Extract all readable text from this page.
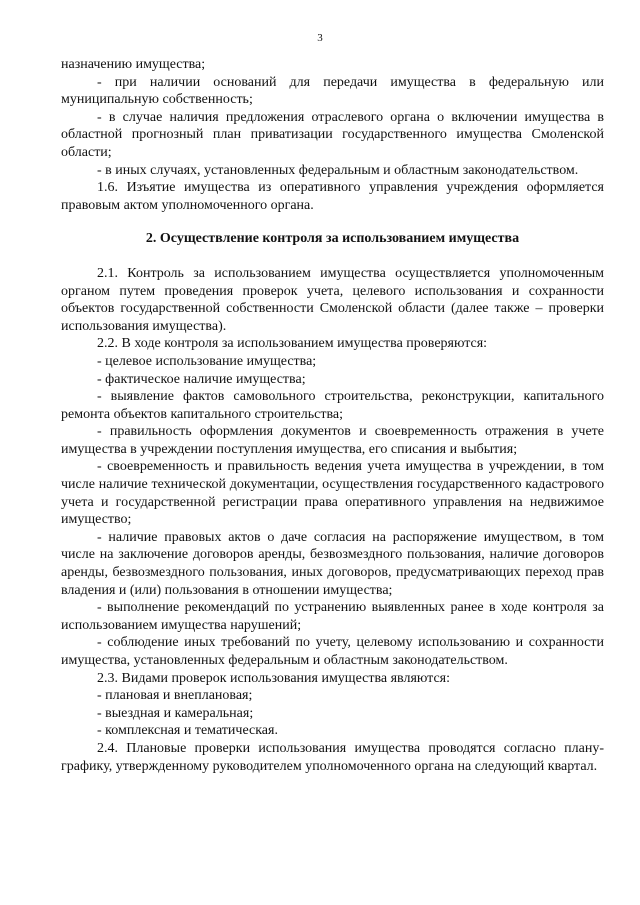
3

назначению имущества;

- при наличии оснований для передачи имущества в федеральную или муниципальную собственность;

- в случае наличия предложения отраслевого органа о включении имущества в областной прогнозный план приватизации государственного имущества Смоленской области;

- в иных случаях, установленных федеральным и областным законодательством.

1.6. Изъятие имущества из оперативного управления учреждения оформляется правовым актом уполномоченного органа.

2. Осуществление контроля за использованием имущества

2.1. Контроль за использованием имущества осуществляется уполномоченным органом путем проведения проверок учета, целевого использования и сохранности объектов государственной собственности Смоленской области (далее также – проверки использования имущества).

2.2. В ходе контроля за использованием имущества проверяются:

- целевое использование имущества;

- фактическое наличие имущества;

- выявление фактов самовольного строительства, реконструкции, капитального ремонта объектов капитального строительства;

- правильность оформления документов и своевременность отражения в учете имущества в учреждении поступления имущества, его списания и выбытия;

- своевременность и правильность ведения учета имущества в учреждении, в том числе наличие технической документации, осуществления государственного кадастрового учета и государственной регистрации права оперативного управления на недвижимое имущество;

- наличие правовых актов о даче согласия на распоряжение имуществом, в том числе на заключение договоров аренды, безвозмездного пользования, наличие договоров аренды, безвозмездного пользования, иных договоров, предусматривающих переход прав владения и (или) пользования в отношении имущества;

- выполнение рекомендаций по устранению выявленных ранее в ходе контроля за использованием имущества нарушений;

- соблюдение иных требований по учету, целевому использованию и сохранности имущества, установленных федеральным и областным законодательством.

2.3. Видами проверок использования имущества являются:

- плановая и внеплановая;

- выездная и камеральная;

- комплексная и тематическая.

2.4. Плановые проверки использования имущества проводятся согласно плану-графику, утвержденному руководителем уполномоченного органа на следующий квартал.
